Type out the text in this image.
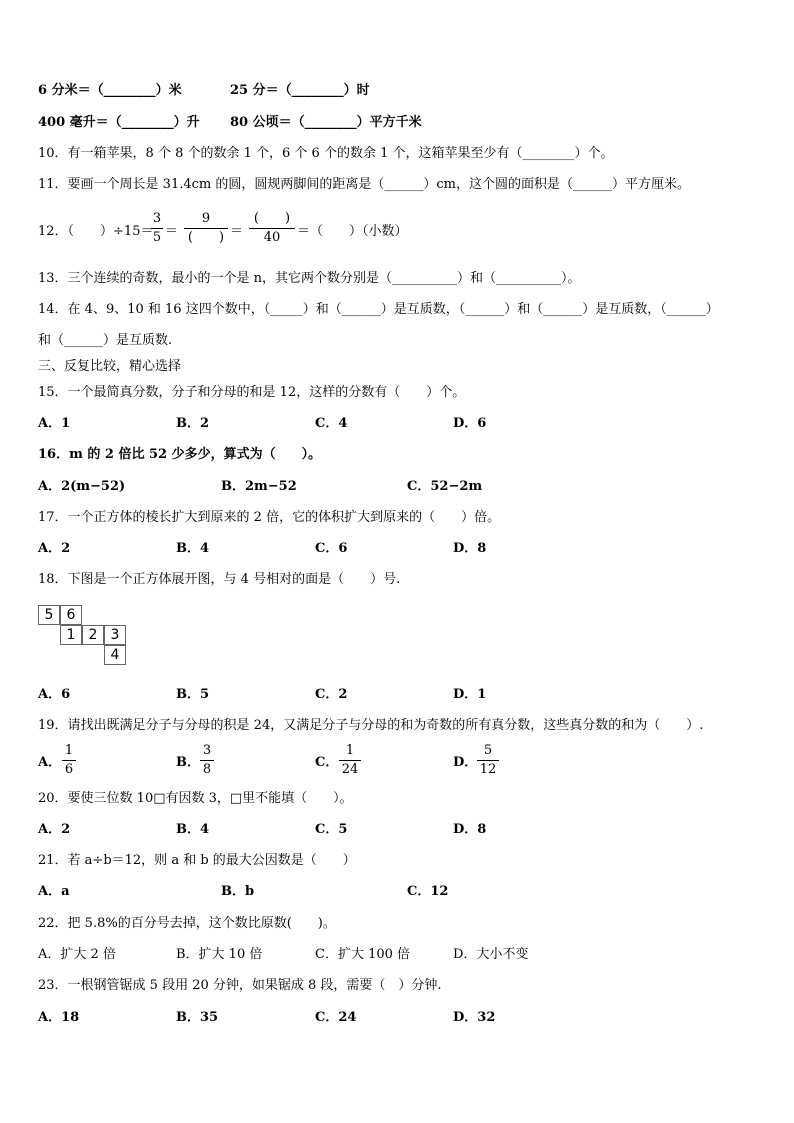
6 分米＝（________）米	25 分＝（________）时
400 毫升＝（________）升 80 公顷＝（________）平方千米
10．有一箱苹果，8 个 8 个的数余 1 个，6 个 6 个的数余 1 个，这箱苹果至少有（________）个。
11．要画一个周长是 31.4cm 的圆，圆规两脚间的距离是（______）cm，这个圆的面积是（______）平方厘米。
12．（　　）÷15＝
3
5 ＝
9
(　　) ＝
(　　)
40	＝（　　）（小数）
13．三个连续的奇数，最小的一个是 n，其它两个数分别是（__________）和（__________）。
14．在 4、9、10 和 16 这四个数中，（_____）和（______）是互质数，（______）和（______）是互质数，（______）
和（______）是互质数.
三、反复比较，精心选择
15．一个最简真分数，分子和分母的和是 12，这样的分数有（　　）个。
A．1	B．2	C．4	D．6
16．m 的 2 倍比 52 少多少，算式为（　　）。
A．2(m−52)	B．2m−52	C．52−2m
17．一个正方体的棱长扩大到原来的 2 倍，它的体积扩大到原来的（　　）倍。
A．2	B．4	C．6	D．8
18．下图是一个正方体展开图，与 4 号相对的面是（　　）号.
5 6
1 2 3
4
A．6	B．5	C．2	D．1
19．请找出既满足分子与分母的积是 24，又满足分子与分母的和为奇数的所有真分数，这些真分数的和为（　　）.
A．
1
6	B．
3
8	C．
1
24	D．
5
12
20．要使三位数 10□有因数 3，□里不能填（　　）。
A．2	B．4	C．5	D．8
21．若 a÷b＝12，则 a 和 b 的最大公因数是（　　）
A．a	B．b	C．12
22．把 5.8%的百分号去掉，这个数比原数(　　)。
A．扩大 2 倍	B．扩大 10 倍	C．扩大 100 倍	D．大小不变
23．一根钢管锯成 5 段用 20 分钟，如果锯成 8 段，需要（　）分钟.
A．18	B．35	C．24	D．32
